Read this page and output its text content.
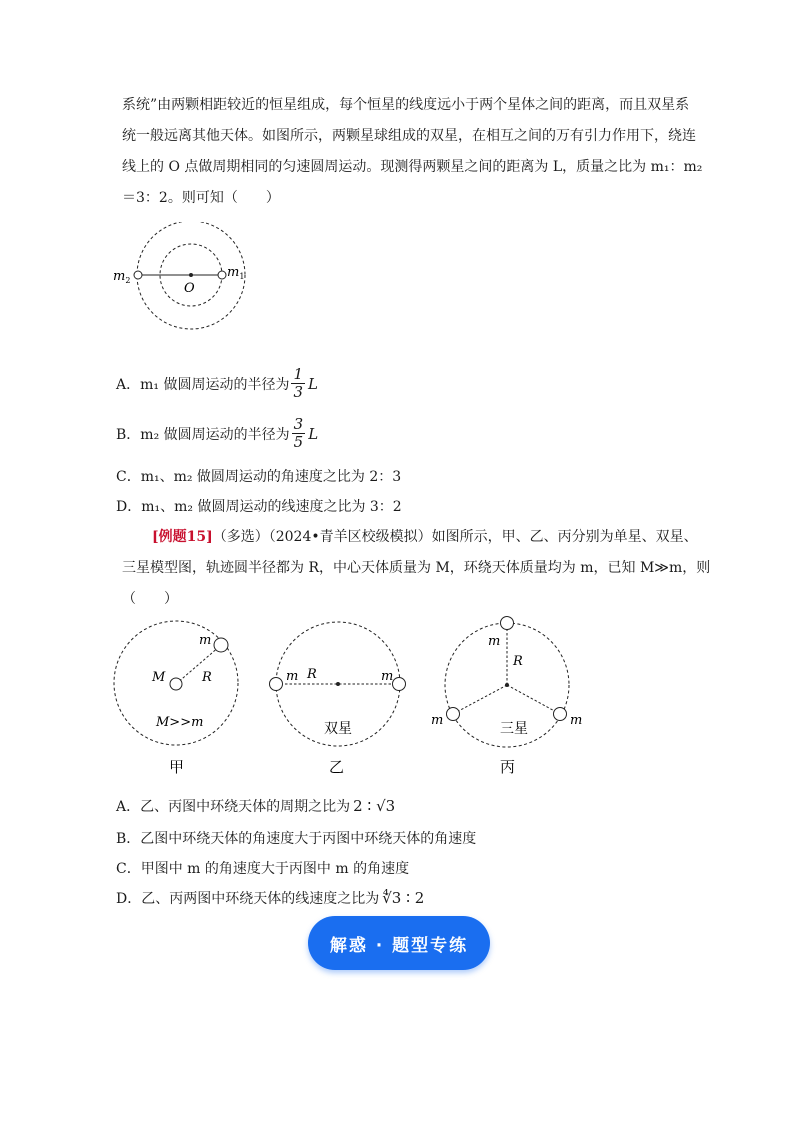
系统”由两颗相距较近的恒星组成，每个恒星的线度远小于两个星体之间的距离，而且双星系
统一般远离其他天体。如图所示，两颗星球组成的双星，在相互之间的万有引力作用下，绕连
线上的 O 点做周期相同的匀速圆周运动。现测得两颗星之间的距离为 L，质量之比为 m₁：m₂
＝3：2。则可知（　　）
$m_2$
$m_1$
O
A．m₁ 做圆周运动的半径为 $\frac{1}{3}$ L
B．m₂ 做圆周运动的半径为 $\frac{3}{5}$ L
C．m₁、m₂ 做圆周运动的角速度之比为 2：3
D．m₁、m₂ 做圆周运动的线速度之比为 3：2
[例题15]（多选）（2024•青羊区校级模拟）如图所示，甲、乙、丙分别为单星、双星、
三星模型图，轨迹圆半径都为 R，中心天体质量为 M，环绕天体质量均为 m，已知 M≫m，则
（　　）
m
M	R
M>>m
甲
m	m
R
双星
乙
m
m	m
R
三星
丙
A．乙、丙图中环绕天体的周期之比为 2 ∶ √3
B．乙图中环绕天体的角速度大于丙图中环绕天体的角速度
C．甲图中 m 的角速度大于丙图中 m 的角速度
D．乙、丙两图中环绕天体的线速度之比为 ∜3 ∶ 2
解惑 · 题型专练
